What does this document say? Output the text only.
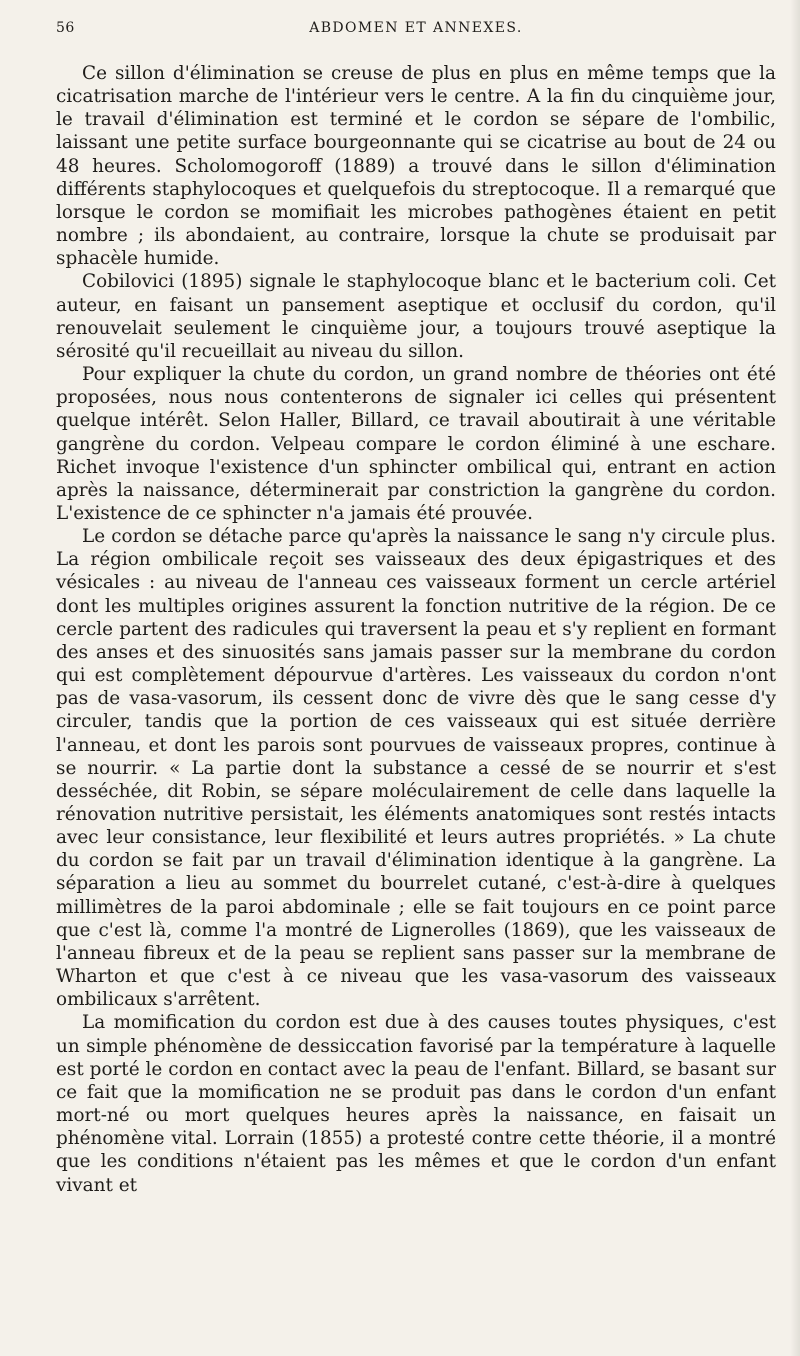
56	ABDOMEN ET ANNEXES.

Ce sillon d'élimination se creuse de plus en plus en même temps que la cicatrisation marche de l'intérieur vers le centre. A la fin du cinquième jour, le travail d'élimination est terminé et le cordon se sépare de l'ombilic, laissant une petite surface bourgeonnante qui se cicatrise au bout de 24 ou 48 heures. Scholomogoroff (1889) a trouvé dans le sillon d'élimination différents staphylocoques et quelquefois du streptocoque. Il a remarqué que lorsque le cordon se momifiait les microbes pathogènes étaient en petit nombre ; ils abondaient, au contraire, lorsque la chute se produisait par sphacèle humide.

Cobilovici (1895) signale le staphylocoque blanc et le bacterium coli. Cet auteur, en faisant un pansement aseptique et occlusif du cordon, qu'il renouvelait seulement le cinquième jour, a toujours trouvé aseptique la sérosité qu'il recueillait au niveau du sillon.

Pour expliquer la chute du cordon, un grand nombre de théories ont été proposées, nous nous contenterons de signaler ici celles qui présentent quelque intérêt. Selon Haller, Billard, ce travail aboutirait à une véritable gangrène du cordon. Velpeau compare le cordon éliminé à une eschare. Richet invoque l'existence d'un sphincter ombilical qui, entrant en action après la naissance, déterminerait par constriction la gangrène du cordon. L'existence de ce sphincter n'a jamais été prouvée.

Le cordon se détache parce qu'après la naissance le sang n'y circule plus. La région ombilicale reçoit ses vaisseaux des deux épigastriques et des vésicales : au niveau de l'anneau ces vaisseaux forment un cercle artériel dont les multiples origines assurent la fonction nutritive de la région. De ce cercle partent des radicules qui traversent la peau et s'y replient en formant des anses et des sinuosités sans jamais passer sur la membrane du cordon qui est complètement dépourvue d'artères. Les vaisseaux du cordon n'ont pas de vasa-vasorum, ils cessent donc de vivre dès que le sang cesse d'y circuler, tandis que la portion de ces vaisseaux qui est située derrière l'anneau, et dont les parois sont pourvues de vaisseaux propres, continue à se nourrir. « La partie dont la substance a cessé de se nourrir et s'est desséchée, dit Robin, se sépare moléculairement de celle dans laquelle la rénovation nutritive persistait, les éléments anatomiques sont restés intacts avec leur consistance, leur flexibilité et leurs autres propriétés. » La chute du cordon se fait par un travail d'élimination identique à la gangrène. La séparation a lieu au sommet du bourrelet cutané, c'est-à-dire à quelques millimètres de la paroi abdominale ; elle se fait toujours en ce point parce que c'est là, comme l'a montré de Lignerolles (1869), que les vaisseaux de l'anneau fibreux et de la peau se replient sans passer sur la membrane de Wharton et que c'est à ce niveau que les vasa-vasorum des vaisseaux ombilicaux s'arrêtent.

La momification du cordon est due à des causes toutes physiques, c'est un simple phénomène de dessiccation favorisé par la température à laquelle est porté le cordon en contact avec la peau de l'enfant. Billard, se basant sur ce fait que la momification ne se produit pas dans le cordon d'un enfant mort-né ou mort quelques heures après la naissance, en faisait un phénomène vital. Lorrain (1855) a protesté contre cette théorie, il a montré que les conditions n'étaient pas les mêmes et que le cordon d'un enfant vivant et
